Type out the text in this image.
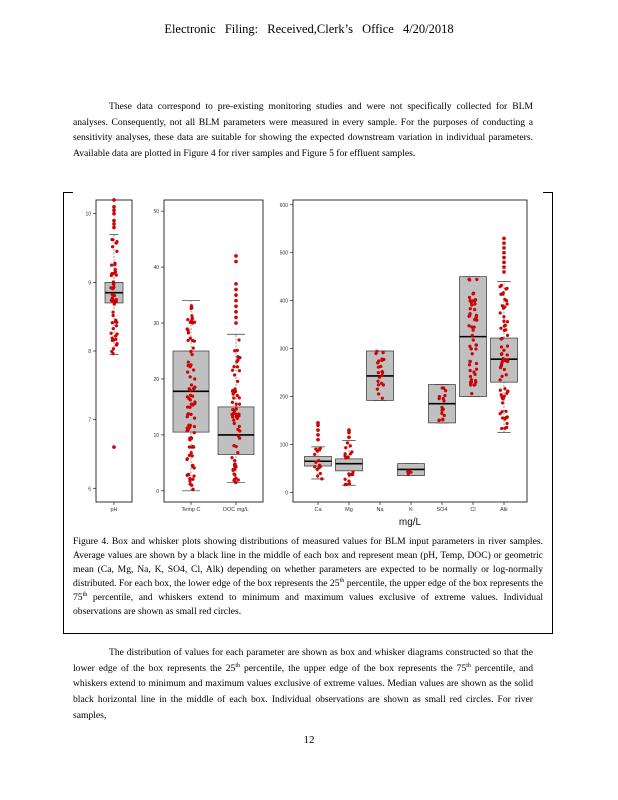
Electronic Filing: Received,Clerk’s Office 4/20/2018
These data correspond to pre-existing monitoring studies and were not specifically collected for BLM analyses. Consequently, not all BLM parameters were measured in every sample. For the purposes of conducting a sensitivity analyses, these data are suitable for showing the expected downstream variation in individual parameters. Available data are plotted in Figure 4 for river samples and Figure 5 for effluent samples.
6
7
8
9
10
pH
0
10
20
30
40
50
Temp C	DOC mg/L
0
100
200
300
400
500
600
Ca	Mg	Na	K	SO4	Cl	Alk
mg/L
Figure 4. Box and whisker plots showing distributions of measured values for BLM input parameters in river samples. Average values are shown by a black line in the middle of each box and represent mean (pH, Temp, DOC) or geometric mean (Ca, Mg, Na, K, SO4, Cl, Alk) depending on whether parameters are expected to be normally or log-normally distributed. For each box, the lower edge of the box represents the 25th percentile, the upper edge of the box represents the 75th percentile, and whiskers extend to minimum and maximum values exclusive of extreme values. Individual observations are shown as small red circles.
The distribution of values for each parameter are shown as box and whisker diagrams constructed so that the lower edge of the box represents the 25th percentile, the upper edge of the box represents the 75th percentile, and whiskers extend to minimum and maximum values exclusive of extreme values. Median values are shown as the solid black horizontal line in the middle of each box. Individual observations are shown as small red circles. For river samples,
12
